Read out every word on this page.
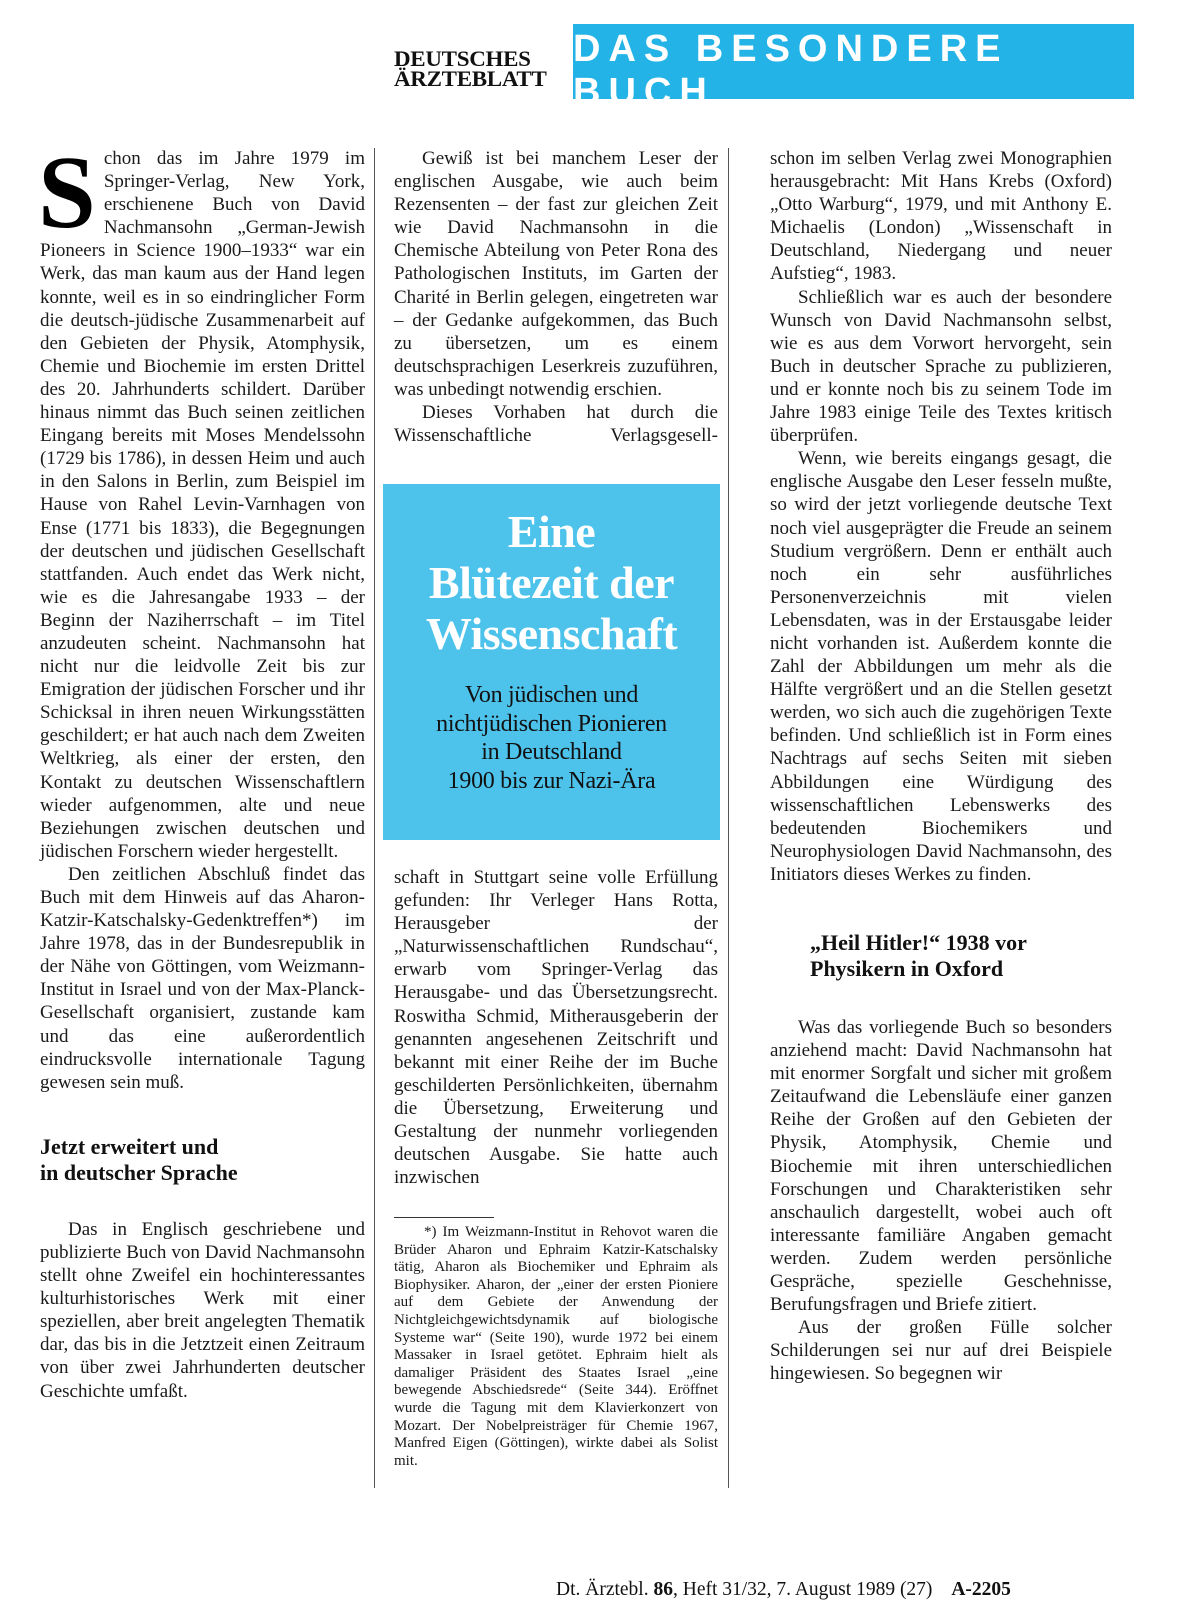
DEUTSCHES
ÄRZTEBLATT
DAS BESONDERE BUCH

Schon das im Jahre 1979 im Springer-Verlag, New York, erschienene Buch von David Nachmansohn „German-Jewish Pioneers in Science 1900–1933“ war ein Werk, das man kaum aus der Hand legen konnte, weil es in so eindringlicher Form die deutsch-jüdische Zusammenarbeit auf den Gebieten der Physik, Atomphysik, Chemie und Biochemie im ersten Drittel des 20. Jahrhunderts schildert. Darüber hinaus nimmt das Buch seinen zeitlichen Eingang bereits mit Moses Mendelssohn (1729 bis 1786), in dessen Heim und auch in den Salons in Berlin, zum Beispiel im Hause von Rahel Levin-Varnhagen von Ense (1771 bis 1833), die Begegnungen der deutschen und jüdischen Gesellschaft stattfanden. Auch endet das Werk nicht, wie es die Jahresangabe 1933 – der Beginn der Naziherrschaft – im Titel anzudeuten scheint. Nachmansohn hat nicht nur die leidvolle Zeit bis zur Emigration der jüdischen Forscher und ihr Schicksal in ihren neuen Wirkungsstätten geschildert; er hat auch nach dem Zweiten Weltkrieg, als einer der ersten, den Kontakt zu deutschen Wissenschaftlern wieder aufgenommen, alte und neue Beziehungen zwischen deutschen und jüdischen Forschern wieder hergestellt.

Den zeitlichen Abschluß findet das Buch mit dem Hinweis auf das Aharon-Katzir-Katschalsky-Gedenktreffen*) im Jahre 1978, das in der Bundesrepublik in der Nähe von Göttingen, vom Weizmann-Institut in Israel und von der Max-Planck-Gesellschaft organisiert, zustande kam und das eine außerordentlich eindrucksvolle internationale Tagung gewesen sein muß.

Jetzt erweitert und
in deutscher Sprache

Das in Englisch geschriebene und publizierte Buch von David Nachmansohn stellt ohne Zweifel ein hochinteressantes kulturhistorisches Werk mit einer speziellen, aber breit angelegten Thematik dar, das bis in die Jetztzeit einen Zeitraum von über zwei Jahrhunderten deutscher Geschichte umfaßt.

Gewiß ist bei manchem Leser der englischen Ausgabe, wie auch beim Rezensenten – der fast zur gleichen Zeit wie David Nachmansohn in die Chemische Abteilung von Peter Rona des Pathologischen Instituts, im Garten der Charité in Berlin gelegen, eingetreten war – der Gedanke aufgekommen, das Buch zu übersetzen, um es einem deutschsprachigen Leserkreis zuzuführen, was unbedingt notwendig erschien.

Dieses Vorhaben hat durch die Wissenschaftliche Verlagsgesell-

Eine
Blütezeit der
Wissenschaft
Von jüdischen und
nichtjüdischen Pionieren
in Deutschland
1900 bis zur Nazi-Ära

schaft in Stuttgart seine volle Erfüllung gefunden: Ihr Verleger Hans Rotta, Herausgeber der „Naturwissenschaftlichen Rundschau“, erwarb vom Springer-Verlag das Herausgabe- und das Übersetzungsrecht. Roswitha Schmid, Mitherausgeberin der genannten angesehenen Zeitschrift und bekannt mit einer Reihe der im Buche geschilderten Persönlichkeiten, übernahm die Übersetzung, Erweiterung und Gestaltung der nunmehr vorliegenden deutschen Ausgabe. Sie hatte auch inzwischen

*) Im Weizmann-Institut in Rehovot waren die Brüder Aharon und Ephraim Katzir-Katschalsky tätig, Aharon als Biochemiker und Ephraim als Biophysiker. Aharon, der „einer der ersten Pioniere auf dem Gebiete der Anwendung der Nichtgleichgewichtsdynamik auf biologische Systeme war“ (Seite 190), wurde 1972 bei einem Massaker in Israel getötet. Ephraim hielt als damaliger Präsident des Staates Israel „eine bewegende Abschiedsrede“ (Seite 344). Eröffnet wurde die Tagung mit dem Klavierkonzert von Mozart. Der Nobelpreisträger für Chemie 1967, Manfred Eigen (Göttingen), wirkte dabei als Solist mit.

schon im selben Verlag zwei Monographien herausgebracht: Mit Hans Krebs (Oxford) „Otto Warburg“, 1979, und mit Anthony E. Michaelis (London) „Wissenschaft in Deutschland, Niedergang und neuer Aufstieg“, 1983.

Schließlich war es auch der besondere Wunsch von David Nachmansohn selbst, wie es aus dem Vorwort hervorgeht, sein Buch in deutscher Sprache zu publizieren, und er konnte noch bis zu seinem Tode im Jahre 1983 einige Teile des Textes kritisch überprüfen.

Wenn, wie bereits eingangs gesagt, die englische Ausgabe den Leser fesseln mußte, so wird der jetzt vorliegende deutsche Text noch viel ausgeprägter die Freude an seinem Studium vergrößern. Denn er enthält auch noch ein sehr ausführliches Personenverzeichnis mit vielen Lebensdaten, was in der Erstausgabe leider nicht vorhanden ist. Außerdem konnte die Zahl der Abbildungen um mehr als die Hälfte vergrößert und an die Stellen gesetzt werden, wo sich auch die zugehörigen Texte befinden. Und schließlich ist in Form eines Nachtrags auf sechs Seiten mit sieben Abbildungen eine Würdigung des wissenschaftlichen Lebenswerks des bedeutenden Biochemikers und Neurophysiologen David Nachmansohn, des Initiators dieses Werkes zu finden.

„Heil Hitler!“ 1938 vor
Physikern in Oxford

Was das vorliegende Buch so besonders anziehend macht: David Nachmansohn hat mit enormer Sorgfalt und sicher mit großem Zeitaufwand die Lebensläufe einer ganzen Reihe der Großen auf den Gebieten der Physik, Atomphysik, Chemie und Biochemie mit ihren unterschiedlichen Forschungen und Charakteristiken sehr anschaulich dargestellt, wobei auch oft interessante familiäre Angaben gemacht werden. Zudem werden persönliche Gespräche, spezielle Geschehnisse, Berufungsfragen und Briefe zitiert.

Aus der großen Fülle solcher Schilderungen sei nur auf drei Beispiele hingewiesen. So begegnen wir

Dt. Ärztebl. 86, Heft 31/32, 7. August 1989 (27) A-2205
